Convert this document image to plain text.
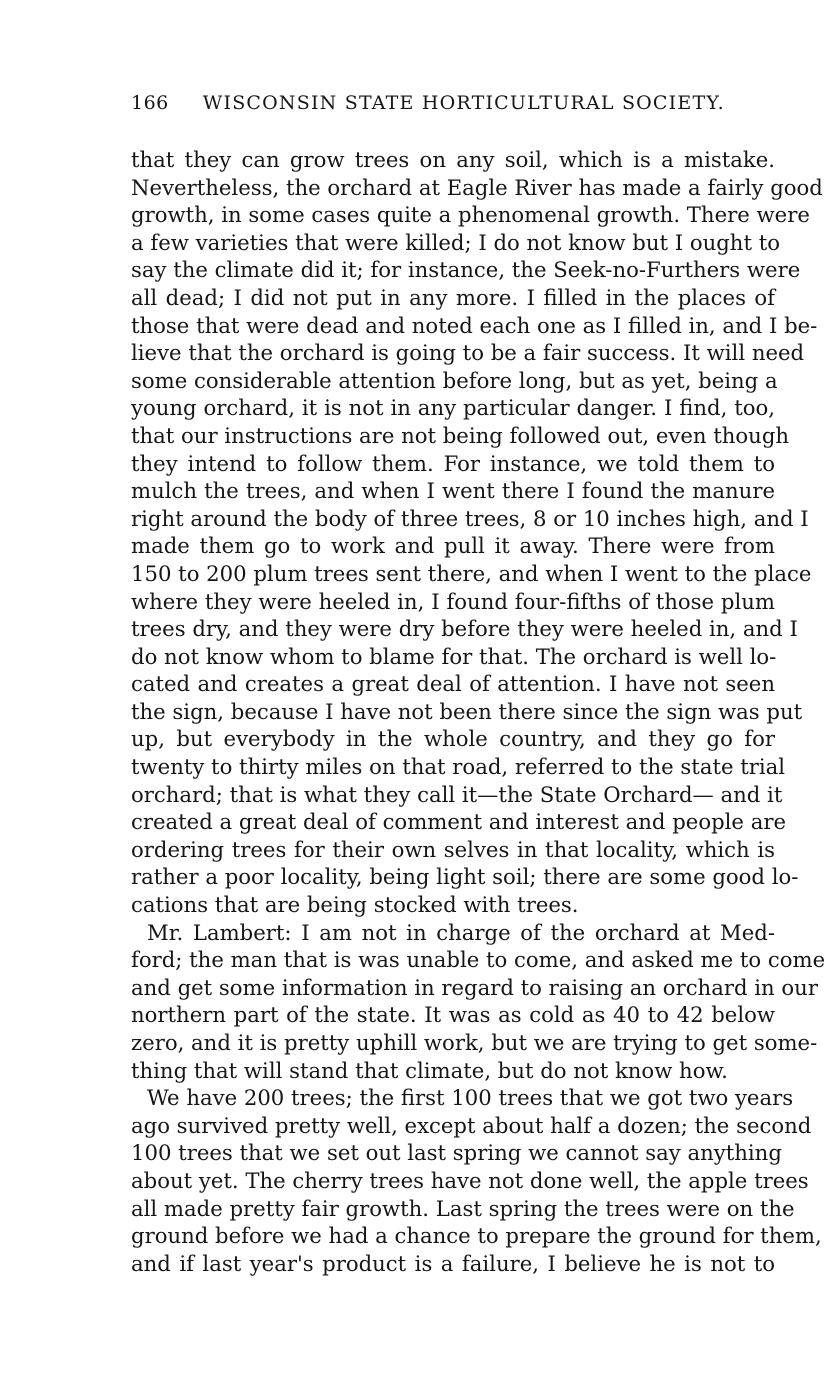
166 WISCONSIN STATE HORTICULTURAL SOCIETY.
that they can grow trees on any soil, which is a mistake.
Nevertheless, the orchard at Eagle River has made a fairly good
growth, in some cases quite a phenomenal growth. There were
a few varieties that were killed; I do not know but I ought to
say the climate did it; for instance, the Seek-no-Furthers were
all dead; I did not put in any more. I filled in the places of
those that were dead and noted each one as I filled in, and I be-
lieve that the orchard is going to be a fair success. It will need
some considerable attention before long, but as yet, being a
young orchard, it is not in any particular danger. I find, too,
that our instructions are not being followed out, even though
they intend to follow them. For instance, we told them to
mulch the trees, and when I went there I found the manure
right around the body of three trees, 8 or 10 inches high, and I
made them go to work and pull it away. There were from
150 to 200 plum trees sent there, and when I went to the place
where they were heeled in, I found four-fifths of those plum
trees dry, and they were dry before they were heeled in, and I
do not know whom to blame for that. The orchard is well lo-
cated and creates a great deal of attention. I have not seen
the sign, because I have not been there since the sign was put
up, but everybody in the whole country, and they go for
twenty to thirty miles on that road, referred to the state trial
orchard; that is what they call it—the State Orchard— and it
created a great deal of comment and interest and people are
ordering trees for their own selves in that locality, which is
rather a poor locality, being light soil; there are some good lo-
cations that are being stocked with trees.
Mr. Lambert: I am not in charge of the orchard at Med-
ford; the man that is was unable to come, and asked me to come
and get some information in regard to raising an orchard in our
northern part of the state. It was as cold as 40 to 42 below
zero, and it is pretty uphill work, but we are trying to get some-
thing that will stand that climate, but do not know how.
We have 200 trees; the first 100 trees that we got two years
ago survived pretty well, except about half a dozen; the second
100 trees that we set out last spring we cannot say anything
about yet. The cherry trees have not done well, the apple trees
all made pretty fair growth. Last spring the trees were on the
ground before we had a chance to prepare the ground for them,
and if last year's product is a failure, I believe he is not to
